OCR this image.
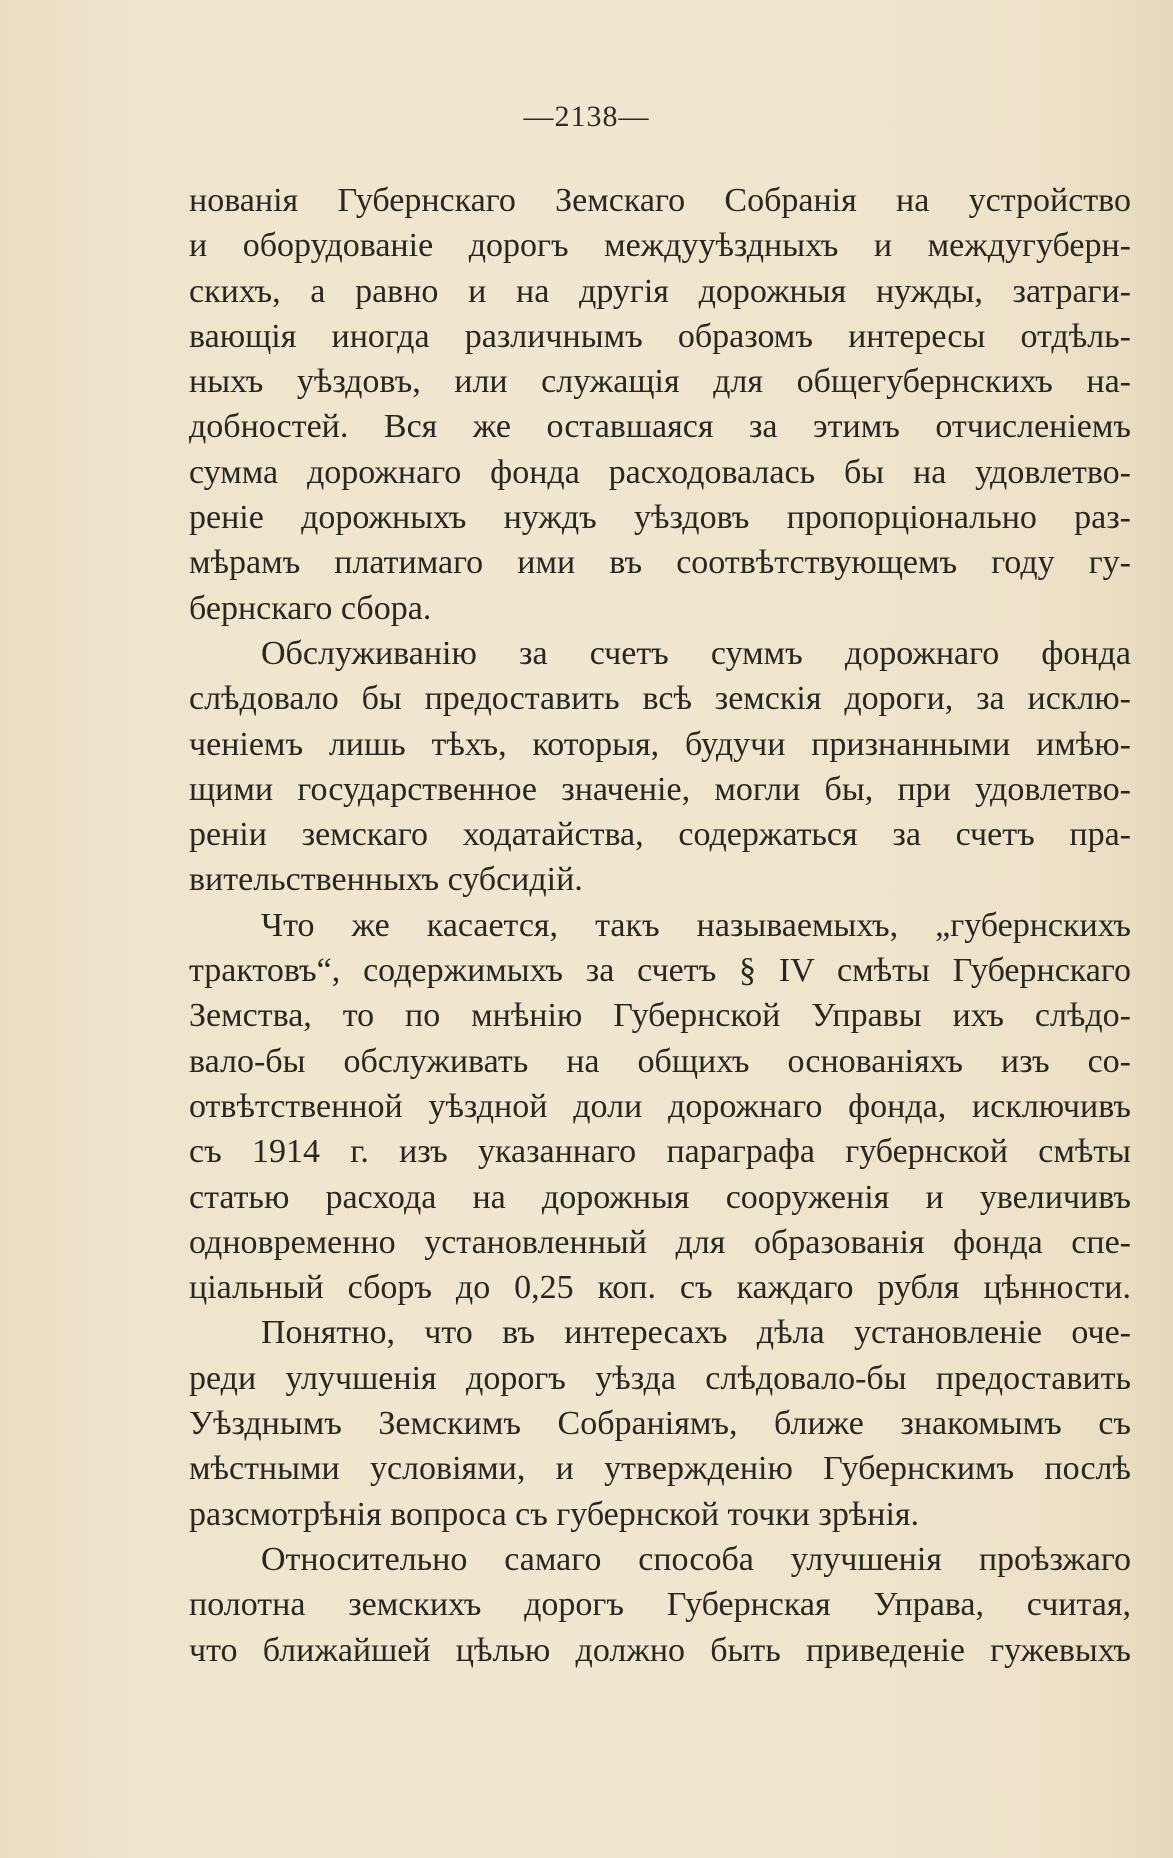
—2138—
нованія Губернскаго Земскаго Собранія на устройство
и оборудованіе дорогъ междууѣздныхъ и междугуберн-
скихъ, а равно и на другія дорожныя нужды, затраги-
вающія иногда различнымъ образомъ интересы отдѣль-
ныхъ уѣздовъ, или служащія для общегубернскихъ на-
добностей. Вся же оставшаяся за этимъ отчисленіемъ
сумма дорожнаго фонда расходовалась бы на удовлетво-
реніе дорожныхъ нуждъ уѣздовъ пропорціонально раз-
мѣрамъ платимаго ими въ соотвѣтствующемъ году гу-
бернскаго сбора.
Обслуживанію за счетъ суммъ дорожнаго фонда
слѣдовало бы предоставить всѣ земскія дороги, за исклю-
ченіемъ лишь тѣхъ, которыя, будучи признанными имѣю-
щими государственное значеніе, могли бы, при удовлетво-
реніи земскаго ходатайства, содержаться за счетъ пра-
вительственныхъ субсидій.
Что же касается, такъ называемыхъ, „губернскихъ
трактовъ“, содержимыхъ за счетъ § IV смѣты Губернскаго
Земства, то по мнѣнію Губернской Управы ихъ слѣдо-
вало-бы обслуживать на общихъ основаніяхъ изъ со-
отвѣтственной уѣздной доли дорожнаго фонда, исключивъ
съ 1914 г. изъ указаннаго параграфа губернской смѣты
статью расхода на дорожныя сооруженія и увеличивъ
одновременно установленный для образованія фонда спе-
ціальный сборъ до 0,25 коп. съ каждаго рубля цѣнности.
Понятно, что въ интересахъ дѣла установленіе оче-
реди улучшенія дорогъ уѣзда слѣдовало-бы предоставить
Уѣзднымъ Земскимъ Собраніямъ, ближе знакомымъ съ
мѣстными условіями, и утвержденію Губернскимъ послѣ
разсмотрѣнія вопроса съ губернской точки зрѣнія.
Относительно самаго способа улучшенія проѣзжаго
полотна земскихъ дорогъ Губернская Управа, считая,
что ближайшей цѣлью должно быть приведеніе гужевыхъ
